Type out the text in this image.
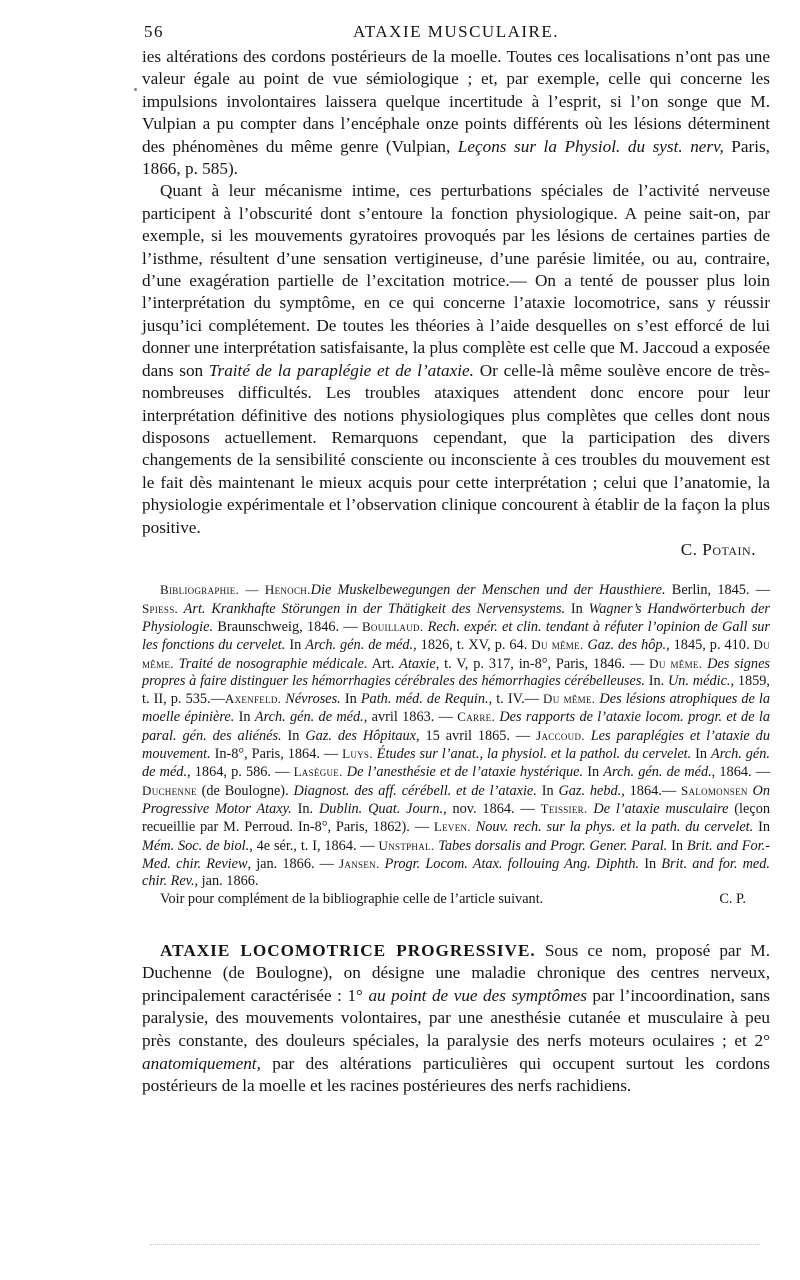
56	ATAXIE MUSCULAIRE.

ies altérations des cordons postérieurs de la moelle. Toutes ces localisations n’ont pas une valeur égale au point de vue sémiologique ; et, par exemple, celle qui concerne les impulsions involontaires laissera quelque incertitude à l’esprit, si l’on songe que M. Vulpian a pu compter dans l’encéphale onze points différents où les lésions déterminent des phénomènes du même genre (Vulpian, Leçons sur la Physiol. du syst. nerv, Paris, 1866, p. 585).

Quant à leur mécanisme intime, ces perturbations spéciales de l’activité nerveuse participent à l’obscurité dont s’entoure la fonction physiologique. A peine sait-on, par exemple, si les mouvements gyratoires provoqués par les lésions de certaines parties de l’isthme, résultent d’une sensation vertigineuse, d’une parésie limitée, ou au, contraire, d’une exagération partielle de l’excitation motrice.— On a tenté de pousser plus loin l’interprétation du symptôme, en ce qui concerne l’ataxie locomotrice, sans y réussir jusqu’ici complétement. De toutes les théories à l’aide desquelles on s’est efforcé de lui donner une interprétation satisfaisante, la plus complète est celle que M. Jaccoud a exposée dans son Traité de la paraplégie et de l’ataxie. Or celle-là même soulève encore de très-nombreuses difficultés. Les troubles ataxiques attendent donc encore pour leur interprétation définitive des notions physiologiques plus complètes que celles dont nous disposons actuellement. Remarquons cependant, que la participation des divers changements de la sensibilité consciente ou inconsciente à ces troubles du mouvement est le fait dès maintenant le mieux acquis pour cette interprétation ; celui que l’anatomie, la physiologie expérimentale et l’observation clinique concourent à établir de la façon la plus positive.

C. Potain.

Bibliographie. — Henoch.Die Muskelbewegungen der Menschen und der Hausthiere. Berlin, 1845. — Spiess. Art. Krankhafte Störungen in der Thätigkeit des Nervensystems. In Wagner’s Handwörterbuch der Physiologie. Braunschweig, 1846. — Bouillaud. Rech. expér. et clin. tendant à réfuter l’opinion de Gall sur les fonctions du cervelet. In Arch. gén. de méd., 1826, t. XV, p. 64. Du même. Gaz. des hôp., 1845, p. 410. Du même. Traité de nosographie médicale. Art. Ataxie, t. V, p. 317, in-8°, Paris, 1846. — Du même. Des signes propres à faire distinguer les hémorrhagies cérébrales des hémorrhagies cérébelleuses. In. Un. médic., 1859, t. II, p. 535.—Axenfeld. Névroses. In Path. méd. de Requin., t. IV.— Du même. Des lésions atrophiques de la moelle épinière. In Arch. gén. de méd., avril 1863. — Carre. Des rapports de l’ataxie locom. progr. et de la paral. gén. des aliénés. In Gaz. des Hôpitaux, 15 avril 1865. — Jaccoud. Les paraplégies et l’ataxie du mouvement. In-8°, Paris, 1864. — Luys. Études sur l’anat., la physiol. et la pathol. du cervelet. In Arch. gén. de méd., 1864, p. 586. — Lasègue. De l’anesthésie et de l’ataxie hystérique. In Arch. gén. de méd., 1864. — Duchenne (de Boulogne). Diagnost. des aff. cérébell. et de l’ataxie. In Gaz. hebd., 1864.— Salomonsen On Progressive Motor Ataxy. In. Dublin. Quat. Journ., nov. 1864. — Teissier. De l’ataxie musculaire (leçon recueillie par M. Perroud. In-8°, Paris, 1862). — Leven. Nouv. rech. sur la phys. et la path. du cervelet. In Mém. Soc. de biol., 4e sér., t. I, 1864. — Unstphal. Tabes dorsalis and Progr. Gener. Paral. In Brit. and For.-Med. chir. Review, jan. 1866. — Jansen. Progr. Locom. Atax. follouing Ang. Diphth. In Brit. and for. med. chir. Rev., jan. 1866.

Voir pour complément de la bibliographie celle de l’article suivant.	C. P.

ATAXIE LOCOMOTRICE PROGRESSIVE. Sous ce nom, proposé par M. Duchenne (de Boulogne), on désigne une maladie chronique des centres nerveux, principalement caractérisée : 1° au point de vue des symptômes par l’incoordination, sans paralysie, des mouvements volontaires, par une anesthésie cutanée et musculaire à peu près constante, des douleurs spéciales, la paralysie des nerfs moteurs oculaires ; et 2° anatomiquement, par des altérations particulières qui occupent surtout les cordons postérieurs de la moelle et les racines postérieures des nerfs rachidiens.
